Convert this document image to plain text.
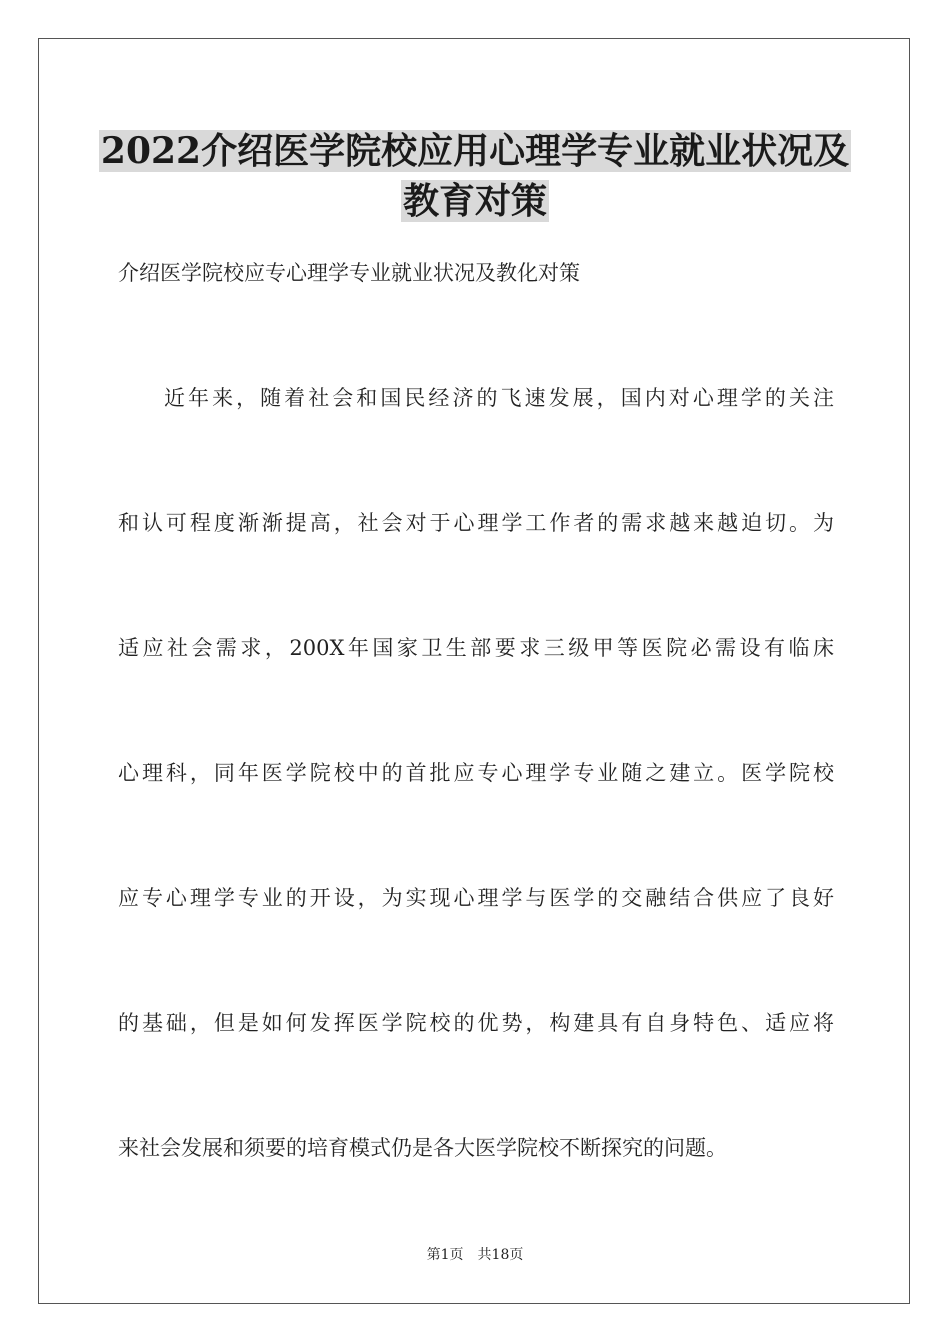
2022介绍医学院校应用心理学专业就业状况及
教育对策
介绍医学院校应专心理学专业就业状况及教化对策
近年来，随着社会和国民经济的飞速发展，国内对心理学的关注
和认可程度渐渐提高，社会对于心理学工作者的需求越来越迫切。为
适应社会需求，200X年国家卫生部要求三级甲等医院必需设有临床
心理科，同年医学院校中的首批应专心理学专业随之建立。医学院校
应专心理学专业的开设，为实现心理学与医学的交融结合供应了良好
的基础，但是如何发挥医学院校的优势，构建具有自身特色、适应将
来社会发展和须要的培育模式仍是各大医学院校不断探究的问题。
第1页　共18页
